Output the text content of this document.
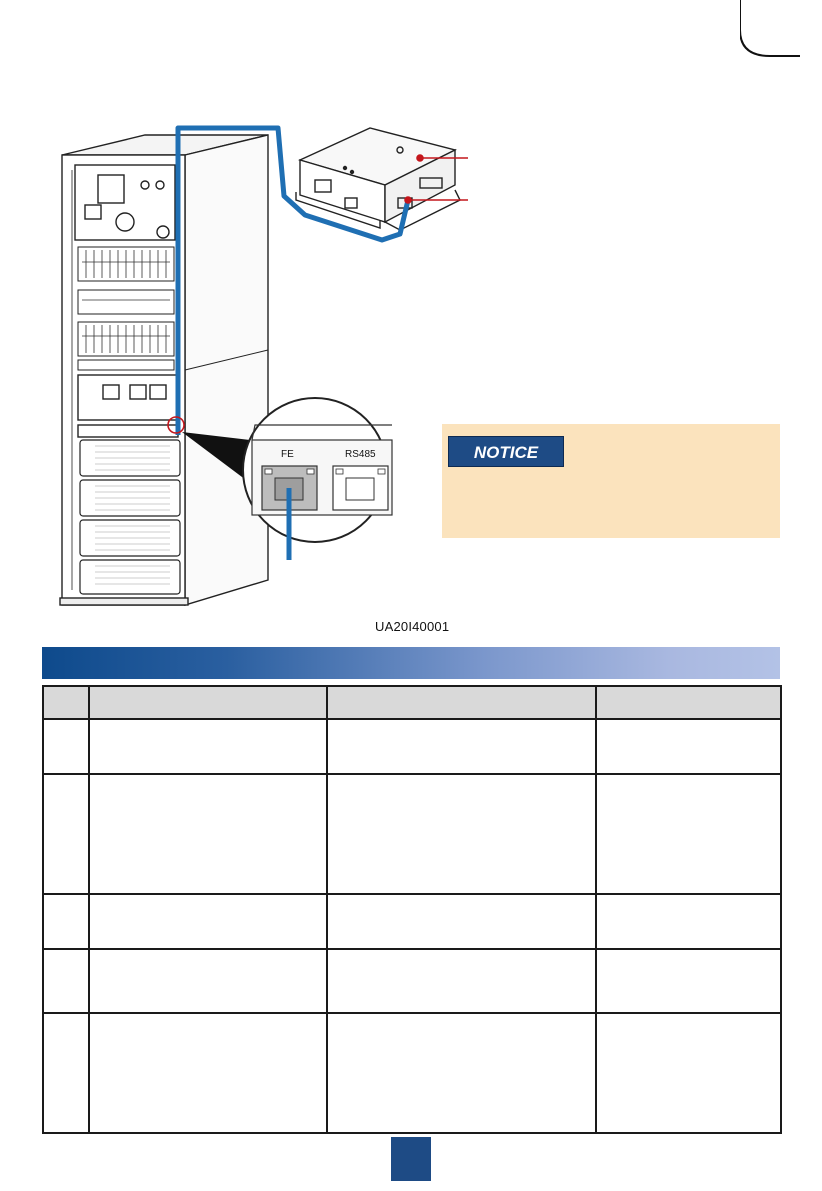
FE	RS485	NOTICE
UA20I40001
